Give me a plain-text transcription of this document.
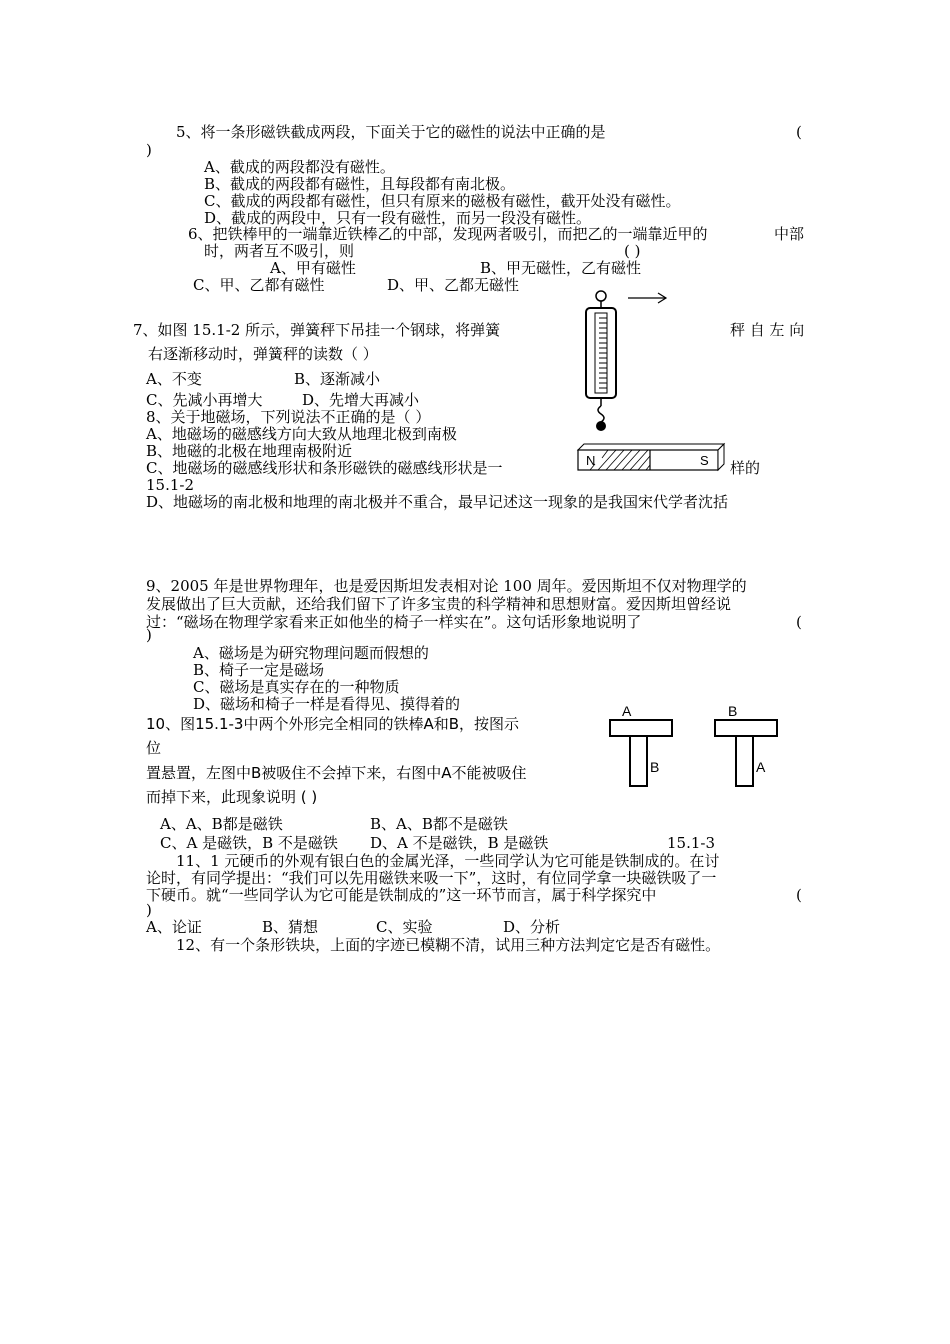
5、将一条形磁铁截成两段，下面关于它的磁性的说法中正确的是	(
)
A、截成的两段都没有磁性。
B、截成的两段都有磁性，且每段都有南北极。
C、截成的两段都有磁性，但只有原来的磁极有磁性，截开处没有磁性。
D、截成的两段中，只有一段有磁性，而另一段没有磁性。
6、把铁棒甲的一端靠近铁棒乙的中部，发现两者吸引，而把乙的一端靠近甲的	中部
时，两者互不吸引，则	( )
A、甲有磁性	B、甲无磁性，乙有磁性
C、甲、乙都有磁性	D、甲、乙都无磁性
7、如图 15.1-2 所示，弹簧秤下吊挂一个钢球，将弹簧	秤 自 左 向
右逐渐移动时，弹簧秤的读数（ ）
A、不变	B、逐渐减小
C、先减小再增大	D、先增大再减小
N	S
8、关于地磁场，下列说法不正确的是（ ）
A、地磁场的磁感线方向大致从地理北极到南极
B、地磁的北极在地理南极附近
C、地磁场的磁感线形状和条形磁铁的磁感线形状是一	样的
15.1-2
D、地磁场的南北极和地理的南北极并不重合，最早记述这一现象的是我国宋代学者沈括
9、2005 年是世界物理年，也是爱因斯坦发表相对论 100 周年。爱因斯坦不仅对物理学的
发展做出了巨大贡献，还给我们留下了许多宝贵的科学精神和思想财富。爱因斯坦曾经说
过：“磁场在物理学家看来正如他坐的椅子一样实在”。这句话形象地说明了	(
)
A、磁场是为研究物理问题而假想的
B、椅子一定是磁场
C、磁场是真实存在的一种物质
D、磁场和椅子一样是看得见、摸得着的
10、图15.1-3中两个外形完全相同的铁棒A和B，按图示
位
置悬置，左图中B被吸住不会掉下来，右图中A不能被吸住
而掉下来，此现象说明 ( )
A
B
B
A
A、A、B都是磁铁	B、A、B都不是磁铁
C、A 是磁铁，B 不是磁铁 D、A 不是磁铁，B 是磁铁	15.1-3
11、1 元硬币的外观有银白色的金属光泽，一些同学认为它可能是铁制成的。在讨
论时，有同学提出：“我们可以先用磁铁来吸一下”，这时，有位同学拿一块磁铁吸了一
下硬币。就“一些同学认为它可能是铁制成的”这一环节而言，属于科学探究中	(
)
A、论证	B、猜想	C、实验	D、分析
12、有一个条形铁块，上面的字迹已模糊不清，试用三种方法判定它是否有磁性。
